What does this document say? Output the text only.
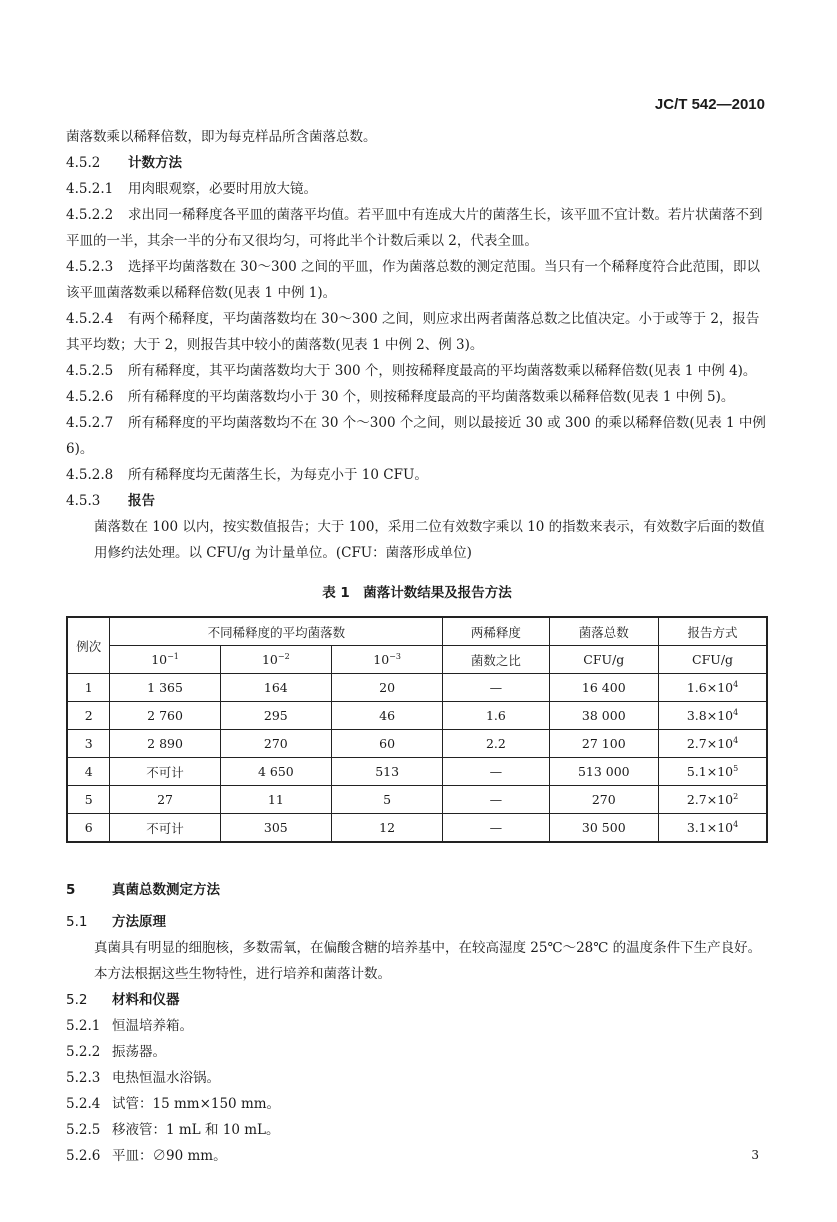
JC/T 542—2010
菌落数乘以稀释倍数，即为每克样品所含菌落总数。
4.5.2 计数方法
4.5.2.1 用肉眼观察，必要时用放大镜。
4.5.2.2 求出同一稀释度各平皿的菌落平均值。若平皿中有连成大片的菌落生长，该平皿不宜计数。若片状菌落不到平皿的一半，其余一半的分布又很均匀，可将此半个计数后乘以 2，代表全皿。
4.5.2.3 选择平均菌落数在 30～300 之间的平皿，作为菌落总数的测定范围。当只有一个稀释度符合此范围，即以该平皿菌落数乘以稀释倍数(见表 1 中例 1)。
4.5.2.4 有两个稀释度，平均菌落数均在 30～300 之间，则应求出两者菌落总数之比值决定。小于或等于 2，报告其平均数；大于 2，则报告其中较小的菌落数(见表 1 中例 2、例 3)。
4.5.2.5 所有稀释度，其平均菌落数均大于 300 个，则按稀释度最高的平均菌落数乘以稀释倍数(见表 1 中例 4)。
4.5.2.6 所有稀释度的平均菌落数均小于 30 个，则按稀释度最高的平均菌落数乘以稀释倍数(见表 1 中例 5)。
4.5.2.7 所有稀释度的平均菌落数均不在 30 个～300 个之间，则以最接近 30 或 300 的乘以稀释倍数(见表 1 中例 6)。
4.5.2.8 所有稀释度均无菌落生长，为每克小于 10 CFU。
4.5.3 报告
菌落数在 100 以内，按实数值报告；大于 100，采用二位有效数字乘以 10 的指数来表示，有效数字后面的数值用修约法处理。以 CFU/g 为计量单位。(CFU：菌落形成单位)
表 1　菌落计数结果及报告方法
例次	不同稀释度的平均菌落数			两稀释度	菌落总数	报告方式
	$10^{-1}$	$10^{-2}$	$10^{-3}$	菌数之比	CFU/g	CFU/g
1	1 365	164	20	—	16 400	$1.6\times 10^4$
2	2 760	295	46	1.6	38 000	$3.8\times 10^4$
3	2 890	270	60	2.2	27 100	$2.7\times 10^4$
4	不可计	4 650	513	—	513 000	$5.1\times 10^5$
5	27	11	5	—	270	$2.7\times 10^2$
6	不可计	305	12	—	30 500	$3.1\times 10^4$
5	真菌总数测定方法
5.1 方法原理
真菌具有明显的细胞核，多数需氧，在偏酸含糖的培养基中，在较高湿度 25℃～28℃ 的温度条件下生产良好。本方法根据这些生物特性，进行培养和菌落计数。
5.2 材料和仪器
5.2.1 恒温培养箱。
5.2.2 振荡器。
5.2.3 电热恒温水浴锅。
5.2.4 试管：15 mm×150 mm。
5.2.5 移液管：1 mL 和 10 mL。
5.2.6 平皿：∅90 mm。	3
